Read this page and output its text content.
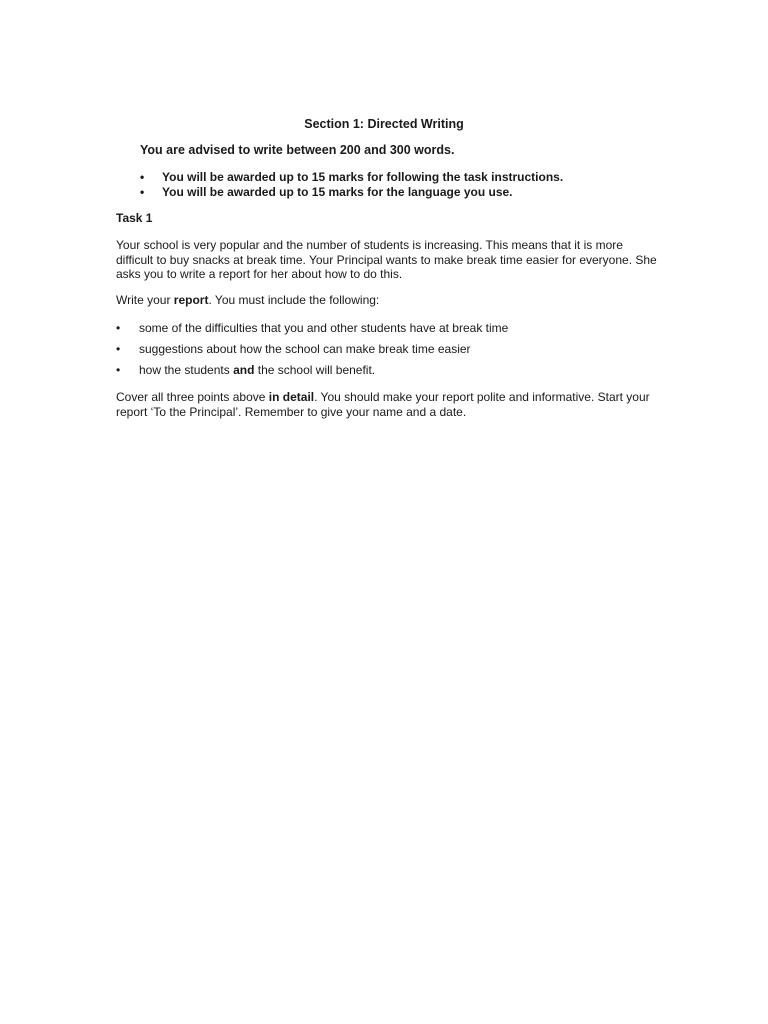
Section 1: Directed Writing
You are advised to write between 200 and 300 words.
• You will be awarded up to 15 marks for following the task instructions.
• You will be awarded up to 15 marks for the language you use.
Task 1

Your school is very popular and the number of students is increasing. This means that it is more difficult to buy snacks at break time. Your Principal wants to make break time easier for everyone. She asks you to write a report for her about how to do this.

Write your report. You must include the following:

• some of the difficulties that you and other students have at break time
• suggestions about how the school can make break time easier
• how the students and the school will benefit.

Cover all three points above in detail. You should make your report polite and informative. Start your report ‘To the Principal’. Remember to give your name and a date.
